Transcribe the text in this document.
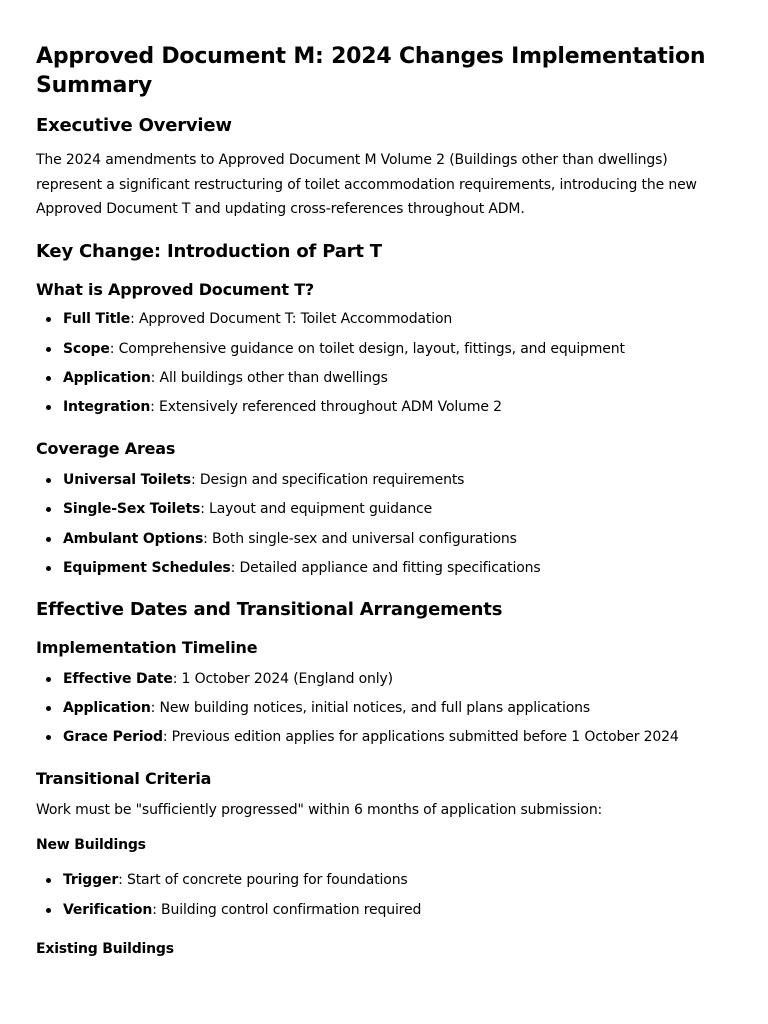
Approved Document M: 2024 Changes Implementation Summary
Executive Overview

The 2024 amendments to Approved Document M Volume 2 (Buildings other than dwellings) represent a significant restructuring of toilet accommodation requirements, introducing the new Approved Document T and updating cross-references throughout ADM.

Key Change: Introduction of Part T
What is Approved Document T?
Full Title: Approved Document T: Toilet Accommodation
Scope: Comprehensive guidance on toilet design, layout, fittings, and equipment
Application: All buildings other than dwellings
Integration: Extensively referenced throughout ADM Volume 2
Coverage Areas
Universal Toilets: Design and specification requirements
Single-Sex Toilets: Layout and equipment guidance
Ambulant Options: Both single-sex and universal configurations
Equipment Schedules: Detailed appliance and fitting specifications
Effective Dates and Transitional Arrangements
Implementation Timeline
Effective Date: 1 October 2024 (England only)
Application: New building notices, initial notices, and full plans applications
Grace Period: Previous edition applies for applications submitted before 1 October 2024
Transitional Criteria

Work must be "sufficiently progressed" within 6 months of application submission:

New Buildings
Trigger: Start of concrete pouring for foundations
Verification: Building control confirmation required
Existing Buildings
